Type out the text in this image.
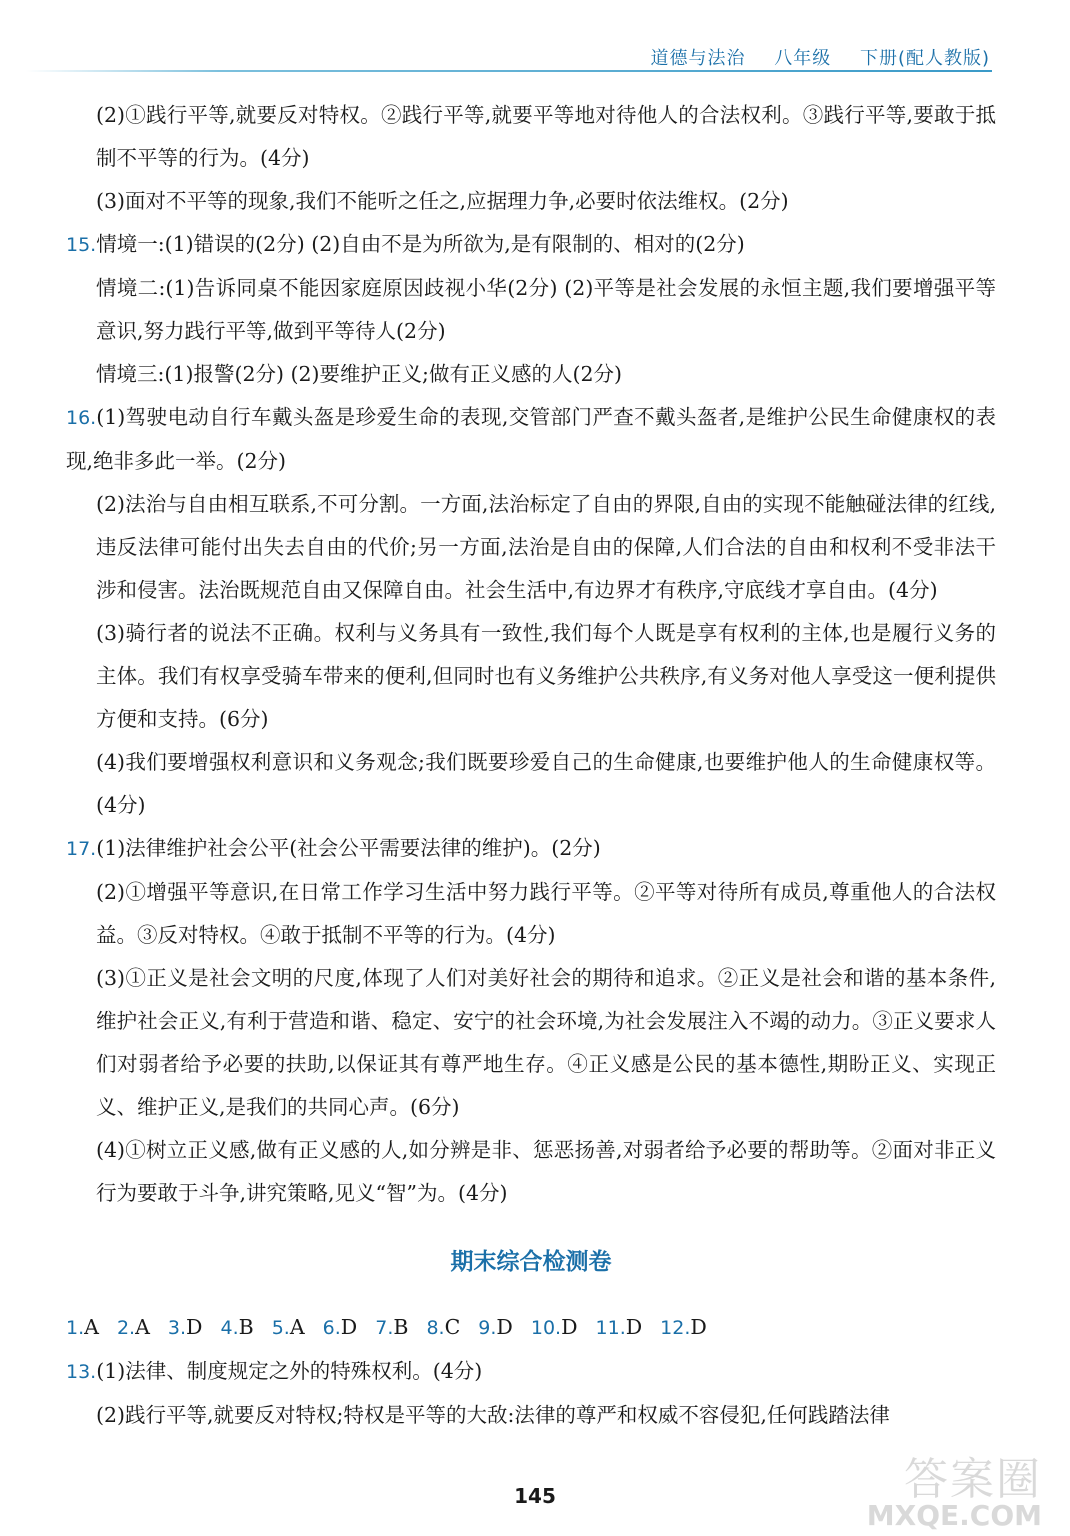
道德与法治 八年级 下册(配人教版)

(2)①践行平等,就要反对特权。②践行平等,就要平等地对待他人的合法权利。③践行平等,要敢于抵制不平等的行为。(4分)

(3)面对不平等的现象,我们不能听之任之,应据理力争,必要时依法维权。(2分)

15.情境一:(1)错误的(2分) (2)自由不是为所欲为,是有限制的、相对的(2分)

情境二:(1)告诉同桌不能因家庭原因歧视小华(2分) (2)平等是社会发展的永恒主题,我们要增强平等意识,努力践行平等,做到平等待人(2分)

情境三:(1)报警(2分) (2)要维护正义;做有正义感的人(2分)

16.(1)驾驶电动自行车戴头盔是珍爱生命的表现,交管部门严查不戴头盔者,是维护公民生命健康权的表现,绝非多此一举。(2分)

(2)法治与自由相互联系,不可分割。一方面,法治标定了自由的界限,自由的实现不能触碰法律的红线,违反法律可能付出失去自由的代价;另一方面,法治是自由的保障,人们合法的自由和权利不受非法干涉和侵害。法治既规范自由又保障自由。社会生活中,有边界才有秩序,守底线才享自由。(4分)

(3)骑行者的说法不正确。权利与义务具有一致性,我们每个人既是享有权利的主体,也是履行义务的主体。我们有权享受骑车带来的便利,但同时也有义务维护公共秩序,有义务对他人享受这一便利提供方便和支持。(6分)

(4)我们要增强权利意识和义务观念;我们既要珍爱自己的生命健康,也要维护他人的生命健康权等。(4分)

17.(1)法律维护社会公平(社会公平需要法律的维护)。(2分)

(2)①增强平等意识,在日常工作学习生活中努力践行平等。②平等对待所有成员,尊重他人的合法权益。③反对特权。④敢于抵制不平等的行为。(4分)

(3)①正义是社会文明的尺度,体现了人们对美好社会的期待和追求。②正义是社会和谐的基本条件,维护社会正义,有利于营造和谐、稳定、安宁的社会环境,为社会发展注入不竭的动力。③正义要求人们对弱者给予必要的扶助,以保证其有尊严地生存。④正义感是公民的基本德性,期盼正义、实现正义、维护正义,是我们的共同心声。(6分)

(4)①树立正义感,做有正义感的人,如分辨是非、惩恶扬善,对弱者给予必要的帮助等。②面对非正义行为要敢于斗争,讲究策略,见义“智”为。(4分)

期末综合检测卷
1.A 2.A 3.D 4.B 5.A 6.D 7.B 8.C 9.D 10.D 11.D 12.D

13.(1)法律、制度规定之外的特殊权利。(4分)

(2)践行平等,就要反对特权;特权是平等的大敌:法律的尊严和权威不容侵犯,任何践踏法律

145	答案圈
MXQE.COM
